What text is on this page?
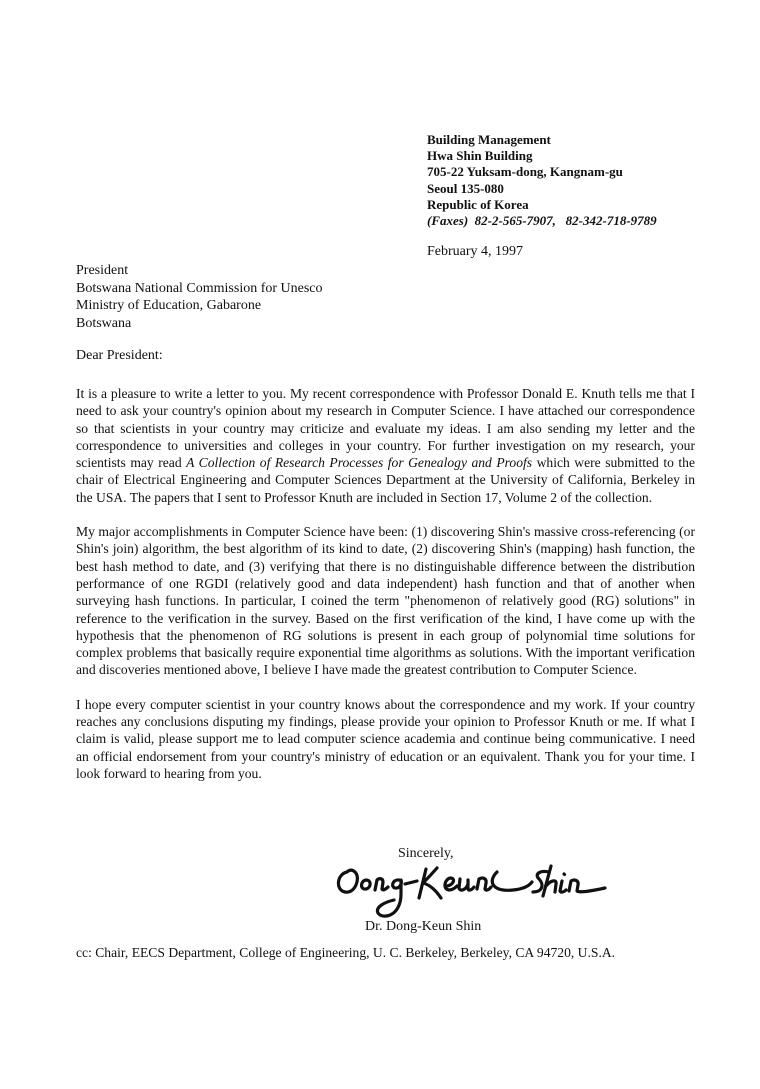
Building Management
Hwa Shin Building
705-22 Yuksam-dong, Kangnam-gu
Seoul 135-080
Republic of Korea
(Faxes) 82-2-565-7907,   82-342-718-9789
February 4, 1997
President
Botswana National Commission for Unesco
Ministry of Education, Gabarone
Botswana
Dear President:

It is a pleasure to write a letter to you. My recent correspondence with Professor Donald E. Knuth tells me that I need to ask your country's opinion about my research in Computer Science. I have attached our correspondence so that scientists in your country may criticize and evaluate my ideas. I am also sending my letter and the correspondence to universities and colleges in your country. For further investigation on my research, your scientists may read A Collection of Research Processes for Genealogy and Proofs which were submitted to the chair of Electrical Engineering and Computer Sciences Department at the University of California, Berkeley in the USA. The papers that I sent to Professor Knuth are included in Section 17, Volume 2 of the collection.

My major accomplishments in Computer Science have been: (1) discovering Shin's massive cross-referencing (or Shin's join) algorithm, the best algorithm of its kind to date, (2) discovering Shin's (mapping) hash function, the best hash method to date, and (3) verifying that there is no distinguishable difference between the distribution performance of one RGDI (relatively good and data independent) hash function and that of another when surveying hash functions. In particular, I coined the term "phenomenon of relatively good (RG) solutions" in reference to the verification in the survey. Based on the first verification of the kind, I have come up with the hypothesis that the phenomenon of RG solutions is present in each group of polynomial time solutions for complex problems that basically require exponential time algorithms as solutions. With the important verification and discoveries mentioned above, I believe I have made the greatest contribution to Computer Science.

I hope every computer scientist in your country knows about the correspondence and my work. If your country reaches any conclusions disputing my findings, please provide your opinion to Professor Knuth or me. If what I claim is valid, please support me to lead computer science academia and continue being communicative. I need an official endorsement from your country's ministry of education or an equivalent. Thank you for your time. I look forward to hearing from you.

Sincerely,
Dr. Dong-Keun Shin
cc: Chair, EECS Department, College of Engineering, U. C. Berkeley, Berkeley, CA 94720, U.S.A.
